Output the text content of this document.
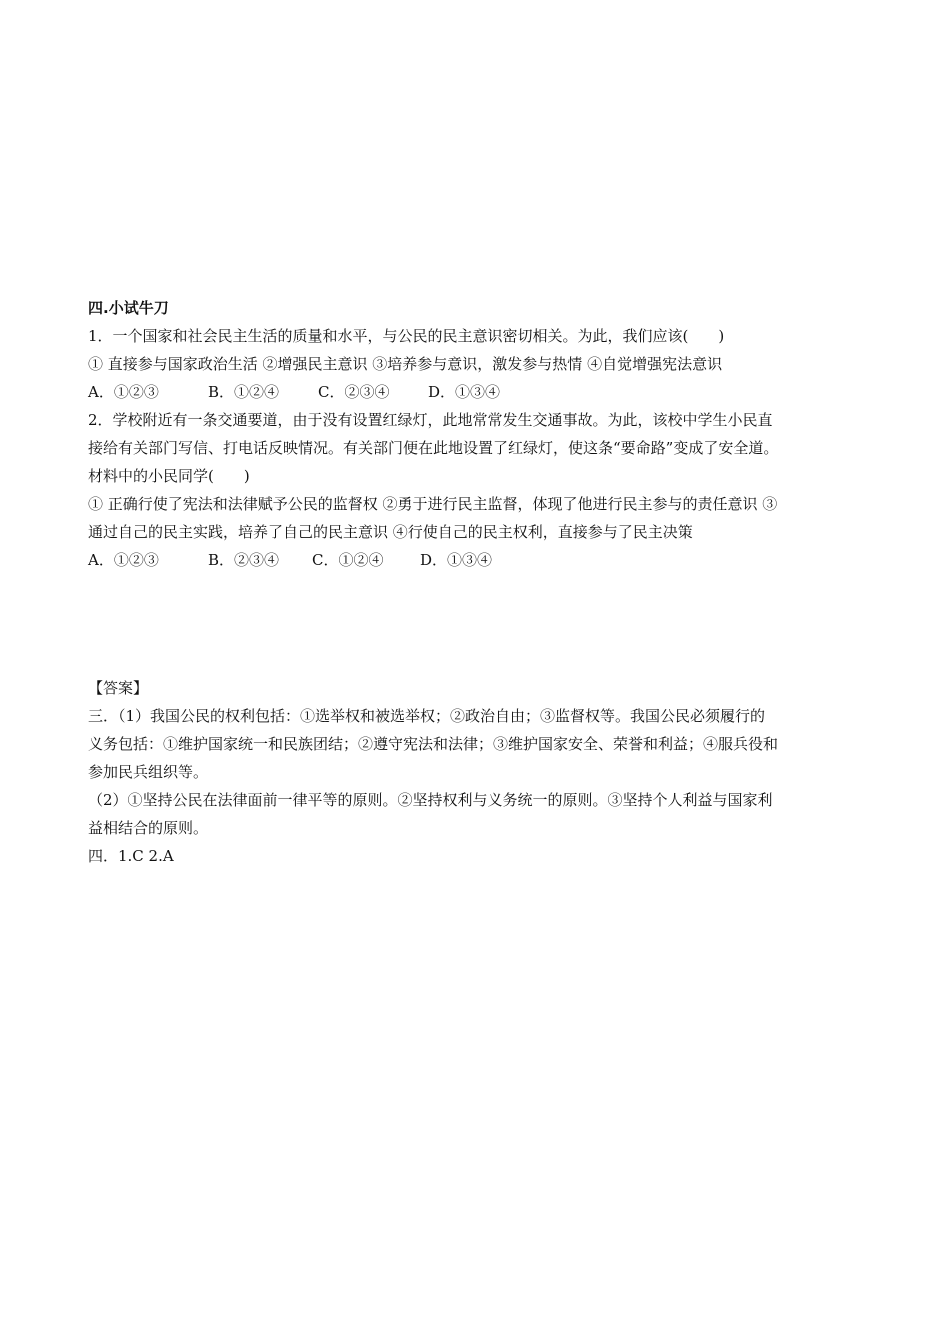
四.小试牛刀
1．一个国家和社会民主生活的质量和水平，与公民的民主意识密切相关。为此，我们应该(　　)
① 直接参与国家政治生活 ②增强民主意识 ③培养参与意识，激发参与热情 ④自觉增强宪法意识
A．①②③	B．①②④	C．②③④	D．①③④
2．学校附近有一条交通要道，由于没有设置红绿灯，此地常常发生交通事故。为此，该校中学生小民直
接给有关部门写信、打电话反映情况。有关部门便在此地设置了红绿灯，使这条“要命路”变成了安全道。
材料中的小民同学(　　)
① 正确行使了宪法和法律赋予公民的监督权 ②勇于进行民主监督，体现了他进行民主参与的责任意识 ③
通过自己的民主实践，培养了自己的民主意识 ④行使自己的民主权利，直接参与了民主决策
A．①②③	B．②③④ C．①②④ D．①③④
【答案】
三．（1）我国公民的权利包括：①选举权和被选举权；②政治自由；③监督权等。我国公民必须履行的
义务包括：①维护国家统一和民族团结；②遵守宪法和法律；③维护国家安全、荣誉和利益；④服兵役和
参加民兵组织等。
（2）①坚持公民在法律面前一律平等的原则。②坚持权利与义务统一的原则。③坚持个人利益与国家利
益相结合的原则。
四．1.C 2.A
